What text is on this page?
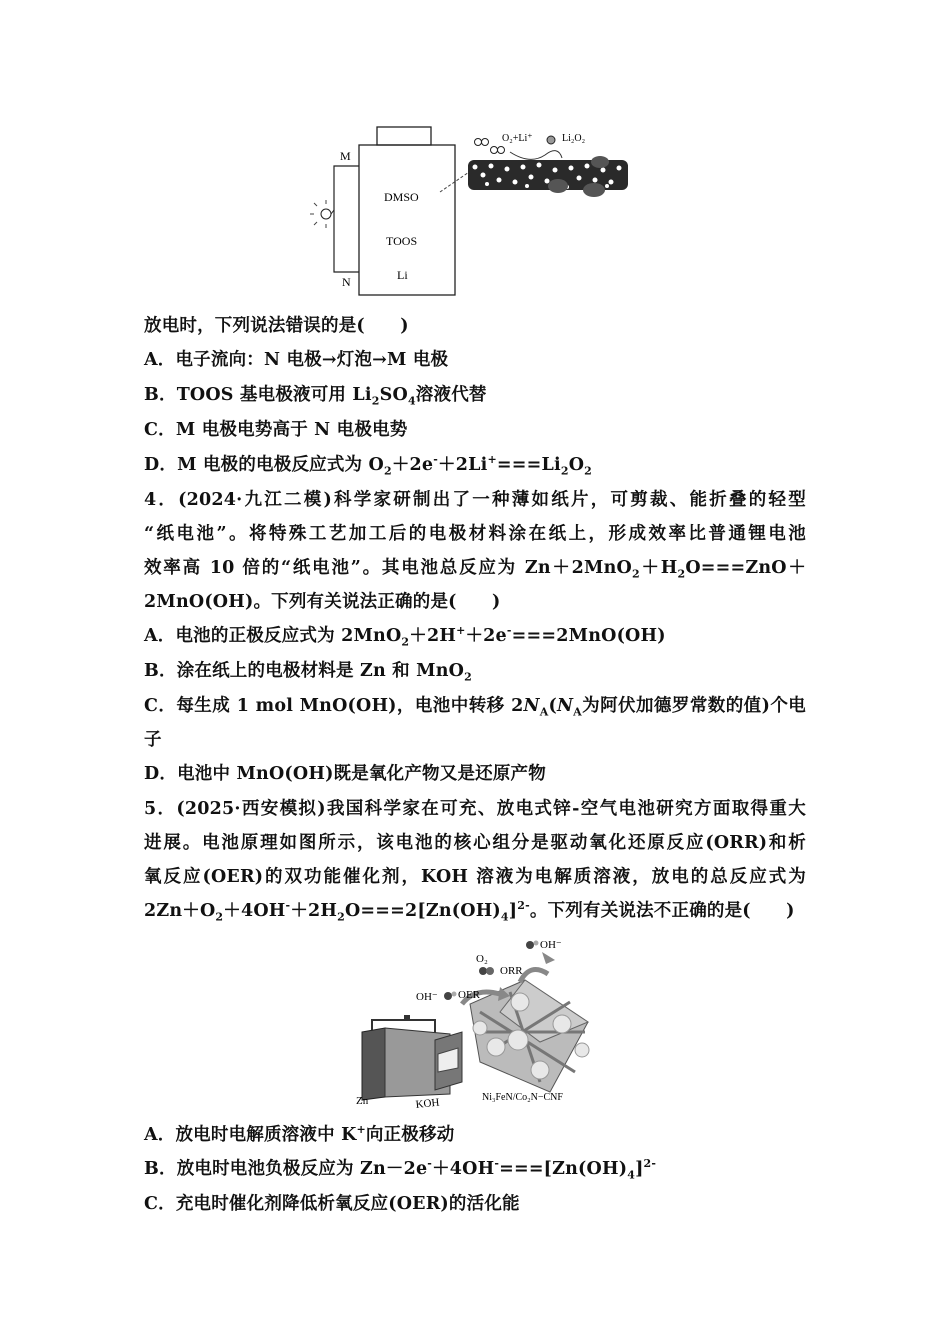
M
N
DMSO
TOOS
Li
O₂+Li⁺	Li₂O₂
放电时，下列说法错误的是(　　)
A．电子流向：N 电极→灯泡→M 电极
B．TOOS 基电极液可用 $Li_2SO_4$溶液代替
C．M 电极电势高于 N 电极电势
D．M 电极的电极反应式为 $O_2+2e^-+2Li^+===Li_2O_2$
4．(2024·九江二模)科学家研制出了一种薄如纸片，可剪裁、能折叠的轻型
“纸电池”。将特殊工艺加工后的电极材料涂在纸上，形成效率比普通锂电池
效率高 10 倍的“纸电池”。其电池总反应为 $Zn+2MnO_2+H_2O===ZnO+$
2MnO(OH)。下列有关说法正确的是(　　)
A．电池的正极反应式为 2MnO$_2$＋2H+＋2e-===2MnO(OH)
B．涂在纸上的电极材料是 Zn 和 MnO$_2$
C．每生成 1 mol MnO(OH)，电池中转移 $2N_A(N_A$为阿伏加德罗常数的值)个电
子
D．电池中 MnO(OH)既是氧化产物又是还原产物
5．(2025·西安模拟)我国科学家在可充、放电式锌-空气电池研究方面取得重大
进展。电池原理如图所示，该电池的核心组分是驱动氧化还原反应(ORR)和析
氧反应(OER)的双功能催化剂，KOH 溶液为电解质溶液，放电的总反应式为
$2Zn+O_2+4OH^-+2H_2O===2[Zn(OH)_4]^{2-}$。下列有关说法不正确的是(　　)
O₂
OH⁻
ORR
OH⁻ OER
Zn	KOH	Ni₃FeN/Co₂N−CNF
A．放电时电解质溶液中 K+向正极移动
B．放电时电池负极反应为 $Zn-2e^-+4OH^-===[Zn(OH)_4]^{2-}$
C．充电时催化剂降低析氧反应(OER)的活化能
